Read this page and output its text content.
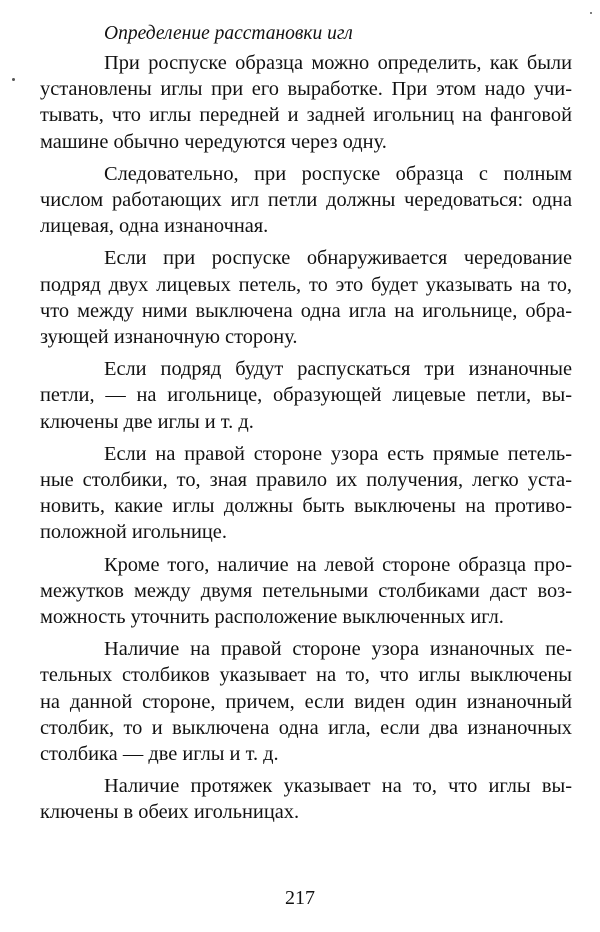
Определение расстановки игл

При роспуске образца можно определить, как были
установлены иглы при его выработке. При этом надо учи-
тывать, что иглы передней и задней игольниц на фанговой
машине обычно чередуются через одну.

Следовательно, при роспуске образца с полным
числом работающих игл петли должны чередоваться: одна
лицевая, одна изнаночная.

Если при роспуске обнаруживается чередование
подряд двух лицевых петель, то это будет указывать на то,
что между ними выключена одна игла на игольнице, обра-
зующей изнаночную сторону.

Если подряд будут распускаться три изнаночные
петли, — на игольнице, образующей лицевые петли, вы-
ключены две иглы и т. д.

Если на правой стороне узора есть прямые петель-
ные столбики, то, зная правило их получения, легко уста-
новить, какие иглы должны быть выключены на противо-
положной игольнице.

Кроме того, наличие на левой стороне образца про-
межутков между двумя петельными столбиками даст воз-
можность уточнить расположение выключенных игл.

Наличие на правой стороне узора изнаночных пе-
тельных столбиков указывает на то, что иглы выключены
на данной стороне, причем, если виден один изнаночный
столбик, то и выключена одна игла, если два изнаночных
столбика — две иглы и т. д.

Наличие протяжек указывает на то, что иглы вы-
ключены в обеих игольницах.

217
